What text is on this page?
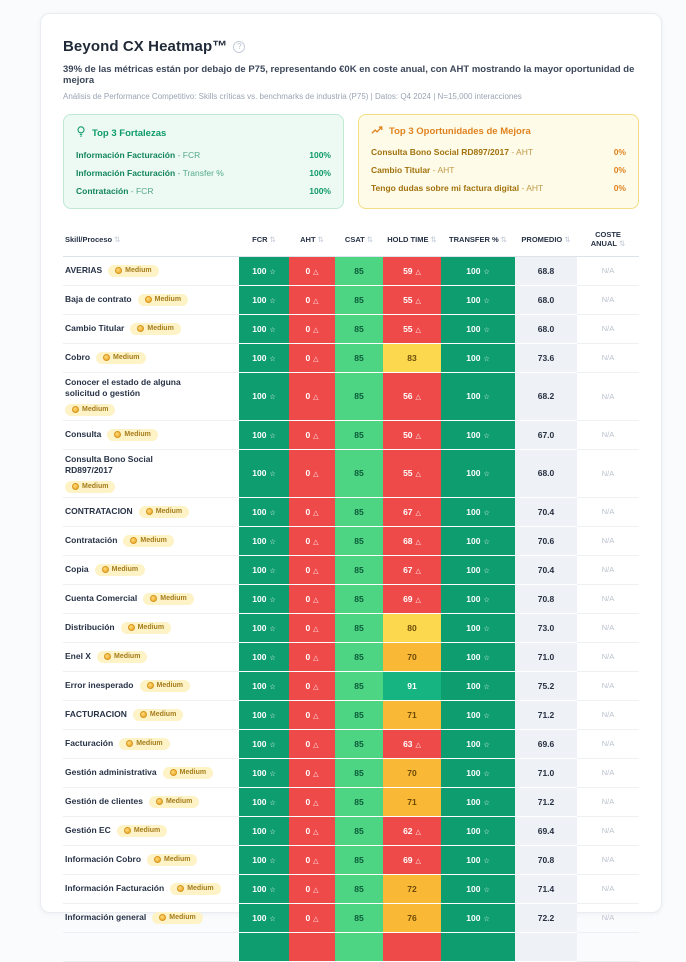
Beyond CX Heatmap™	?
39% de las métricas están por debajo de P75, representando €0K en coste anual, con AHT mostrando la mayor oportunidad de mejora
Análisis de Performance Competitivo: Skills críticas vs. benchmarks de industria (P75) | Datos: Q4 2024 | N=15,000 interacciones
Top 3 Fortalezas
Información Facturación - FCR	100%
Información Facturación - Transfer %	100%
Contratación - FCR	100%
Top 3 Oportunidades de Mejora
Consulta Bono Social RD897/2017 - AHT	0%
Cambio Titular - AHT	0%
Tengo dudas sobre mi factura digital - AHT	0%
Skill/Proceso ⇅	FCR ⇅	AHT ⇅	CSAT ⇅	HOLD TIME ⇅	TRANSFER % ⇅	PROMEDIO ⇅	COSTE ANUAL ⇅

AVERIAS Medium	100 ☆	0 △	85	59 △	100 ☆	68.8	N/A

Baja de contrato Medium	100 ☆	0 △	85	55 △	100 ☆	68.0	N/A

Cambio Titular Medium	100 ☆	0 △	85	55 △	100 ☆	68.0	N/A

Cobro Medium	100 ☆	0 △	85	83	100 ☆	73.6	N/A

Conocer el estado de alguna solicitud o gestión
Medium	100 ☆	0 △	85	56 △	100 ☆	68.2	N/A

Consulta Medium	100 ☆	0 △	85	50 △	100 ☆	67.0	N/A

Consulta Bono Social RD897/2017
Medium	100 ☆	0 △	85	55 △	100 ☆	68.0	N/A

CONTRATACION Medium	100 ☆	0 △	85	67 △	100 ☆	70.4	N/A

Contratación Medium	100 ☆	0 △	85	68 △	100 ☆	70.6	N/A

Copia Medium	100 ☆	0 △	85	67 △	100 ☆	70.4	N/A

Cuenta Comercial Medium	100 ☆	0 △	85	69 △	100 ☆	70.8	N/A

Distribución Medium	100 ☆	0 △	85	80	100 ☆	73.0	N/A

Enel X Medium	100 ☆	0 △	85	70	100 ☆	71.0	N/A

Error inesperado Medium	100 ☆	0 △	85	91	100 ☆	75.2	N/A

FACTURACION Medium	100 ☆	0 △	85	71	100 ☆	71.2	N/A

Facturación Medium	100 ☆	0 △	85	63 △	100 ☆	69.6	N/A

Gestión administrativa Medium	100 ☆	0 △	85	70	100 ☆	71.0	N/A

Gestión de clientes Medium	100 ☆	0 △	85	71	100 ☆	71.2	N/A

Gestión EC Medium	100 ☆	0 △	85	62 △	100 ☆	69.4	N/A

Información Cobro Medium	100 ☆	0 △	85	69 △	100 ☆	70.8	N/A

Información Facturación Medium	100 ☆	0 △	85	72	100 ☆	71.4	N/A

Información general Medium	100 ☆	0 △	85	76	100 ☆	72.2	N/A
